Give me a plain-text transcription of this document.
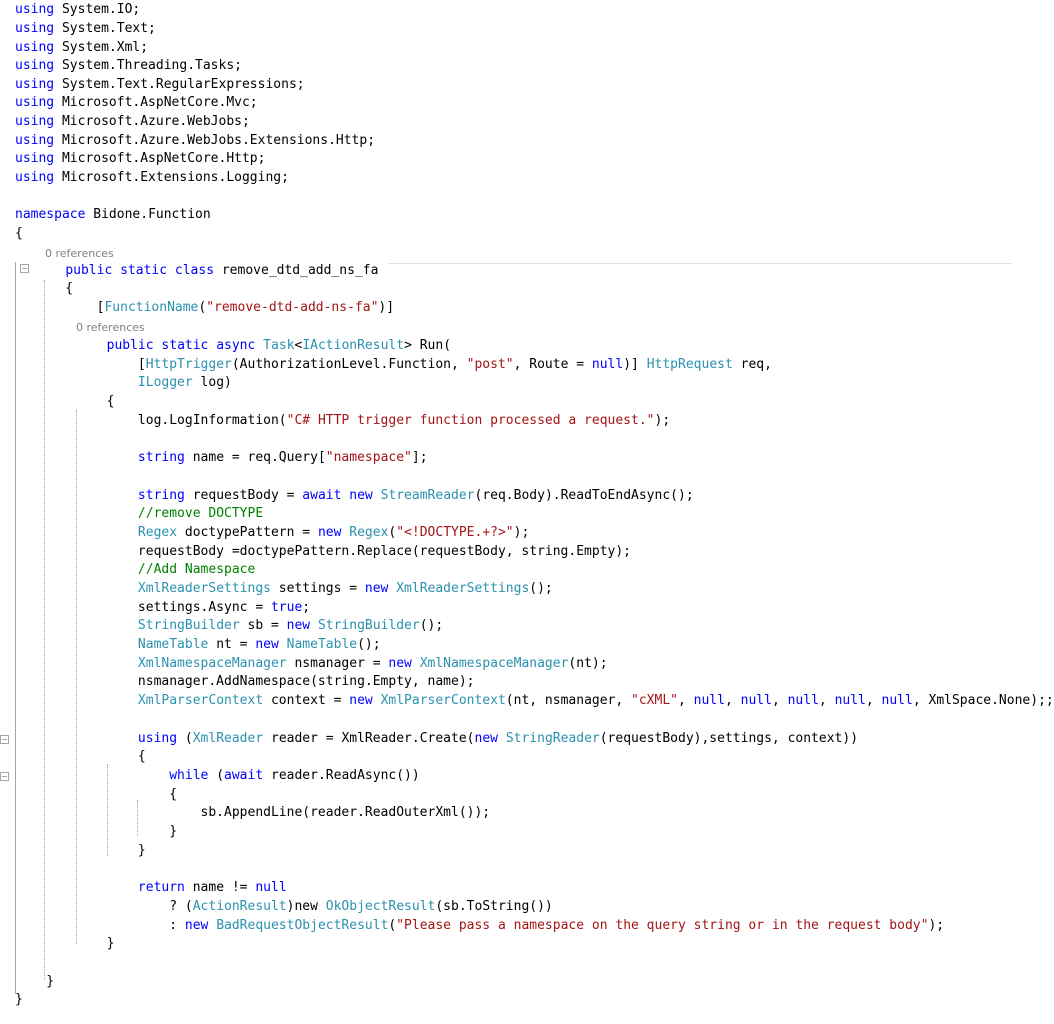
0 references
0 references
using System.IO;
using System.Text;
using System.Xml;
using System.Threading.Tasks;
using System.Text.RegularExpressions;
using Microsoft.AspNetCore.Mvc;
using Microsoft.Azure.WebJobs;
using Microsoft.Azure.WebJobs.Extensions.Http;
using Microsoft.AspNetCore.Http;
using Microsoft.Extensions.Logging;
namespace Bidone.Function
{
public static class remove_dtd_add_ns_fa
{
[FunctionName("remove-dtd-add-ns-fa")]
public static async Task<IActionResult> Run(
[HttpTrigger(AuthorizationLevel.Function, "post", Route = null)] HttpRequest req,
ILogger log)
{
log.LogInformation("C# HTTP trigger function processed a request.");
string name = req.Query["namespace"];
string requestBody = await new StreamReader(req.Body).ReadToEndAsync();
//remove DOCTYPE
Regex doctypePattern = new Regex("<!DOCTYPE.+?>");
requestBody =doctypePattern.Replace(requestBody, string.Empty);
//Add Namespace
XmlReaderSettings settings = new XmlReaderSettings();
settings.Async = true;
StringBuilder sb = new StringBuilder();
NameTable nt = new NameTable();
XmlNamespaceManager nsmanager = new XmlNamespaceManager(nt);
nsmanager.AddNamespace(string.Empty, name);
XmlParserContext context = new XmlParserContext(nt, nsmanager, "cXML", null, null, null, null, null, XmlSpace.None);;
using (XmlReader reader = XmlReader.Create(new StringReader(requestBody),settings, context))
{
while (await reader.ReadAsync())
{
sb.AppendLine(reader.ReadOuterXml());
}
}
return name != null
? (ActionResult)new OkObjectResult(sb.ToString())
: new BadRequestObjectResult("Please pass a namespace on the query string or in the request body");
}
}
}
